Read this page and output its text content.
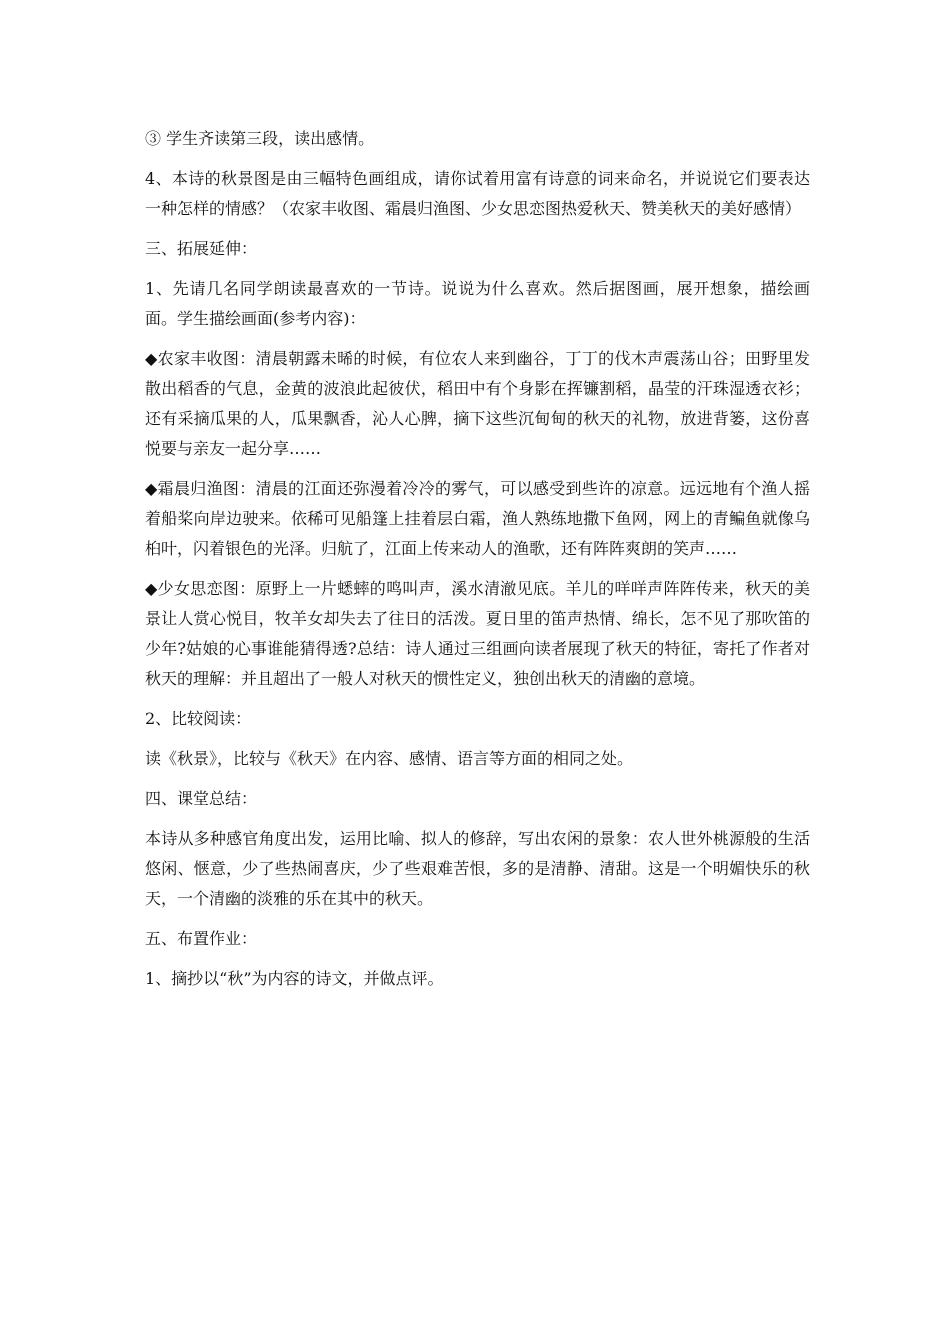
③ 学生齐读第三段，读出感情。

4、本诗的秋景图是由三幅特色画组成，请你试着用富有诗意的词来命名，并说说它们要表达一种怎样的情感？（农家丰收图、霜晨归渔图、少女思恋图热爱秋天、赞美秋天的美好感情）

三、拓展延伸：

1、先请几名同学朗读最喜欢的一节诗。说说为什么喜欢。然后据图画，展开想象，描绘画面。学生描绘画面(参考内容)：

◆农家丰收图：清晨朝露未晞的时候，有位农人来到幽谷，丁丁的伐木声震荡山谷；田野里发散出稻香的气息，金黄的波浪此起彼伏，稻田中有个身影在挥镰割稻，晶莹的汗珠湿透衣衫；还有采摘瓜果的人，瓜果飘香，沁人心脾，摘下这些沉甸甸的秋天的礼物，放进背篓，这份喜悦要与亲友一起分享……

◆霜晨归渔图：清晨的江面还弥漫着冷冷的雾气，可以感受到些许的凉意。远远地有个渔人摇着船桨向岸边驶来。依稀可见船篷上挂着层白霜，渔人熟练地撒下鱼网，网上的青鳊鱼就像乌桕叶，闪着银色的光泽。归航了，江面上传来动人的渔歌，还有阵阵爽朗的笑声……

◆少女思恋图：原野上一片蟋蟀的鸣叫声，溪水清澈见底。羊儿的咩咩声阵阵传来，秋天的美景让人赏心悦目，牧羊女却失去了往日的活泼。夏日里的笛声热情、绵长，怎不见了那吹笛的少年?姑娘的心事谁能猜得透?总结：诗人通过三组画向读者展现了秋天的特征，寄托了作者对秋天的理解：并且超出了一般人对秋天的惯性定义，独创出秋天的清幽的意境。

2、比较阅读：

读《秋景》，比较与《秋天》在内容、感情、语言等方面的相同之处。

四、课堂总结：

本诗从多种感官角度出发，运用比喻、拟人的修辞，写出农闲的景象：农人世外桃源般的生活悠闲、惬意，少了些热闹喜庆，少了些艰难苦恨，多的是清静、清甜。这是一个明媚快乐的秋天，一个清幽的淡雅的乐在其中的秋天。

五、布置作业：

1、摘抄以“秋”为内容的诗文，并做点评。
